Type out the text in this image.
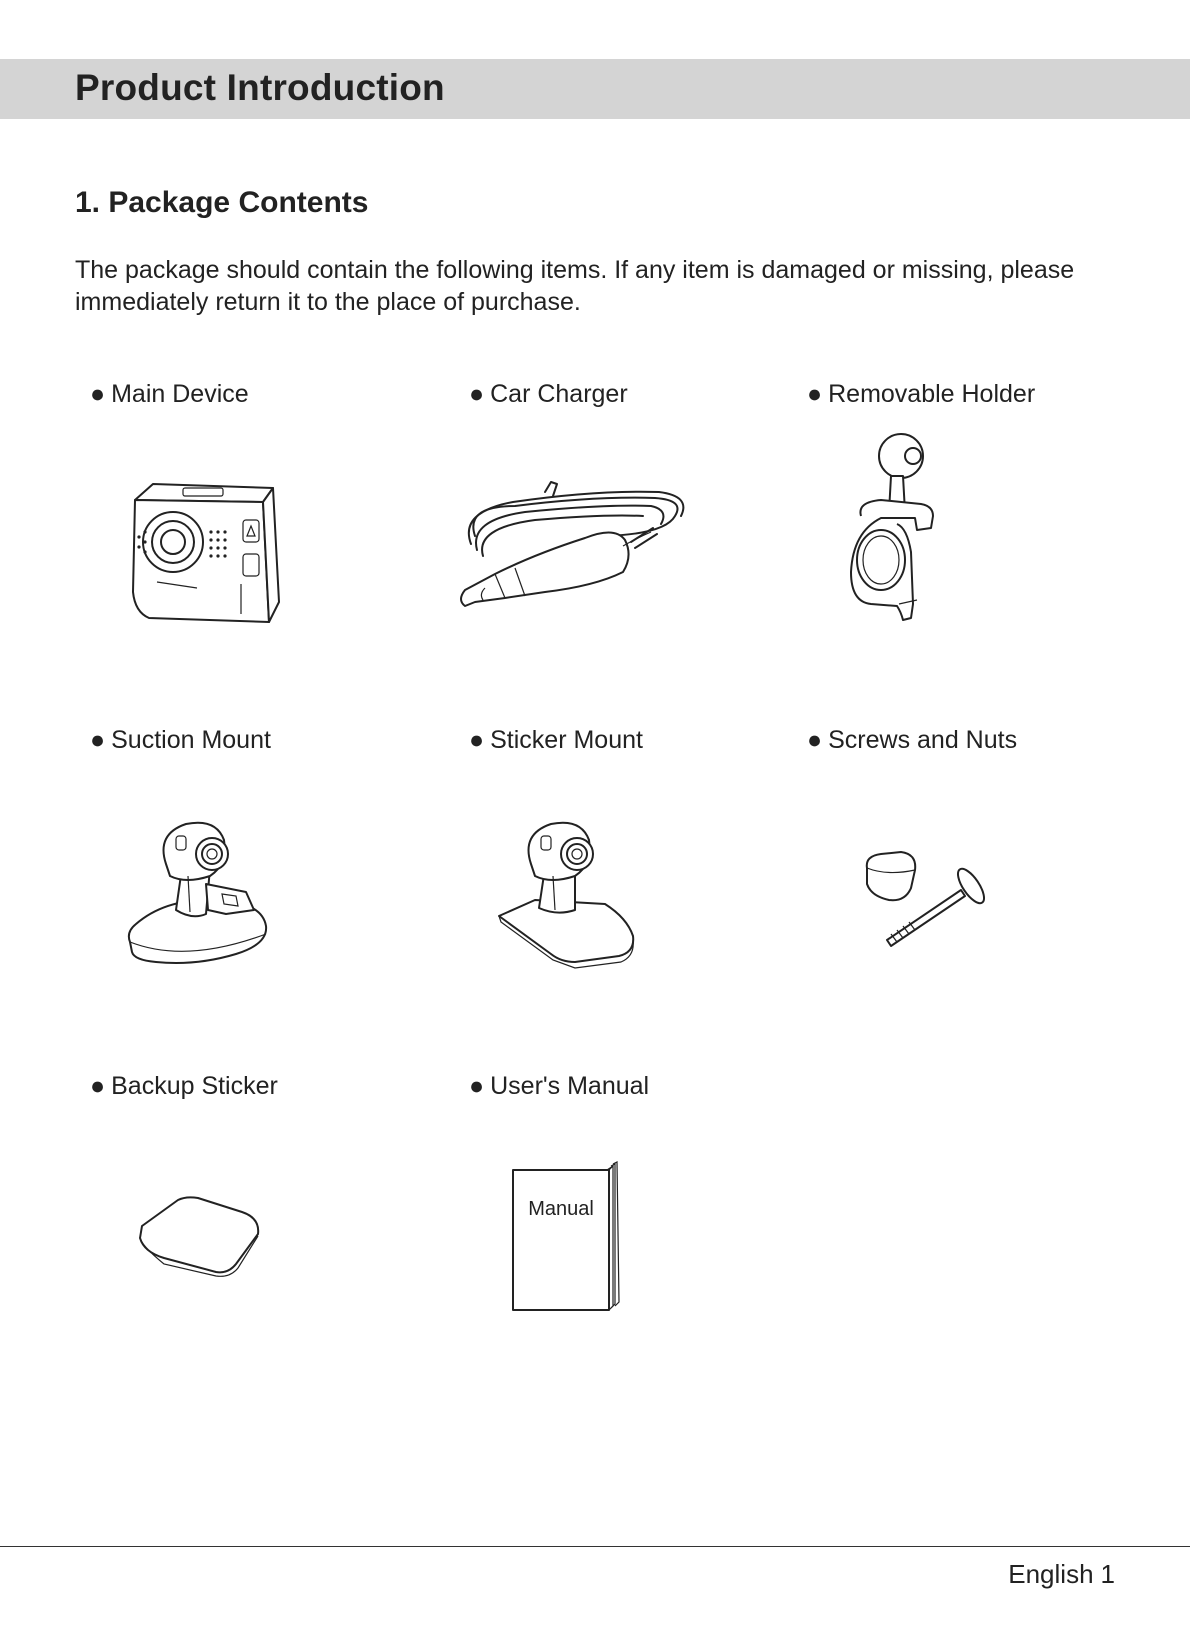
Product Introduction
1. Package Contents

The package should contain the following items. If any item is damaged or missing, please immediately return it to the place of purchase.

● Main Device	● Car Charger	● Removable Holder
● Suction Mount	● Sticker Mount	● Screws and Nuts
● Backup Sticker	● User's Manual
Manual
English 1
